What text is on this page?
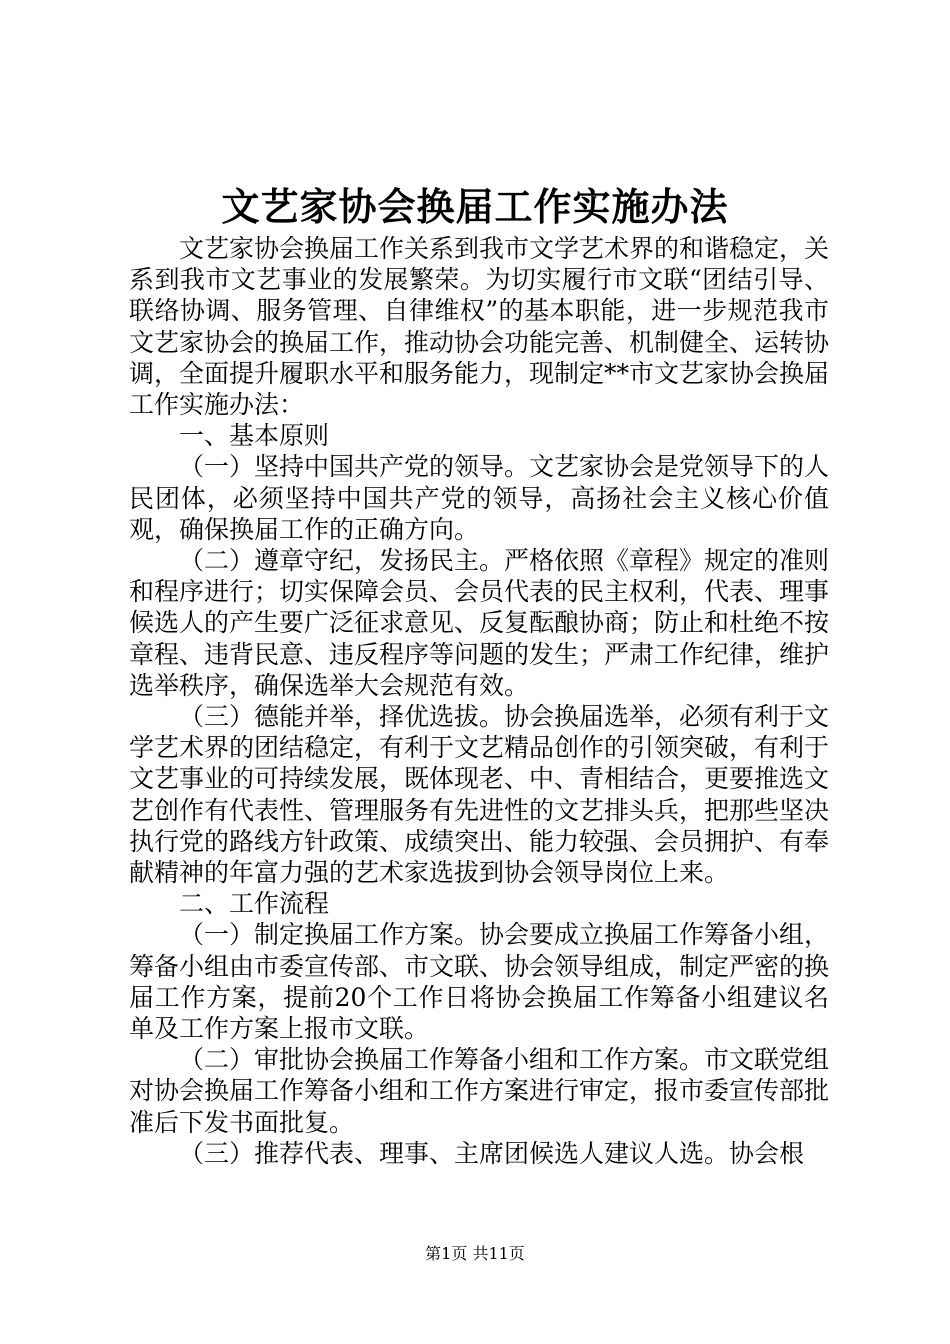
文艺家协会换届工作实施办法

文艺家协会换届工作关系到我市文学艺术界的和谐稳定，关系到我市文艺事业的发展繁荣。为切实履行市文联“团结引导、联络协调、服务管理、自律维权”的基本职能，进一步规范我市文艺家协会的换届工作，推动协会功能完善、机制健全、运转协调，全面提升履职水平和服务能力，现制定**市文艺家协会换届工作实施办法：

一、基本原则

（一）坚持中国共产党的领导。文艺家协会是党领导下的人民团体，必须坚持中国共产党的领导，高扬社会主义核心价值观，确保换届工作的正确方向。

（二）遵章守纪，发扬民主。严格依照《章程》规定的准则和程序进行；切实保障会员、会员代表的民主权利，代表、理事候选人的产生要广泛征求意见、反复酝酿协商；防止和杜绝不按章程、违背民意、违反程序等问题的发生；严肃工作纪律，维护选举秩序，确保选举大会规范有效。

（三）德能并举，择优选拔。协会换届选举，必须有利于文学艺术界的团结稳定，有利于文艺精品创作的引领突破，有利于文艺事业的可持续发展，既体现老、中、青相结合，更要推选文艺创作有代表性、管理服务有先进性的文艺排头兵，把那些坚决执行党的路线方针政策、成绩突出、能力较强、会员拥护、有奉献精神的年富力强的艺术家选拔到协会领导岗位上来。

二、工作流程

（一）制定换届工作方案。协会要成立换届工作筹备小组，筹备小组由市委宣传部、市文联、协会领导组成，制定严密的换届工作方案，提前20个工作日将协会换届工作筹备小组建议名单及工作方案上报市文联。

（二）审批协会换届工作筹备小组和工作方案。市文联党组对协会换届工作筹备小组和工作方案进行审定，报市委宣传部批准后下发书面批复。

（三）推荐代表、理事、主席团候选人建议人选。协会根

第1页 共11页
